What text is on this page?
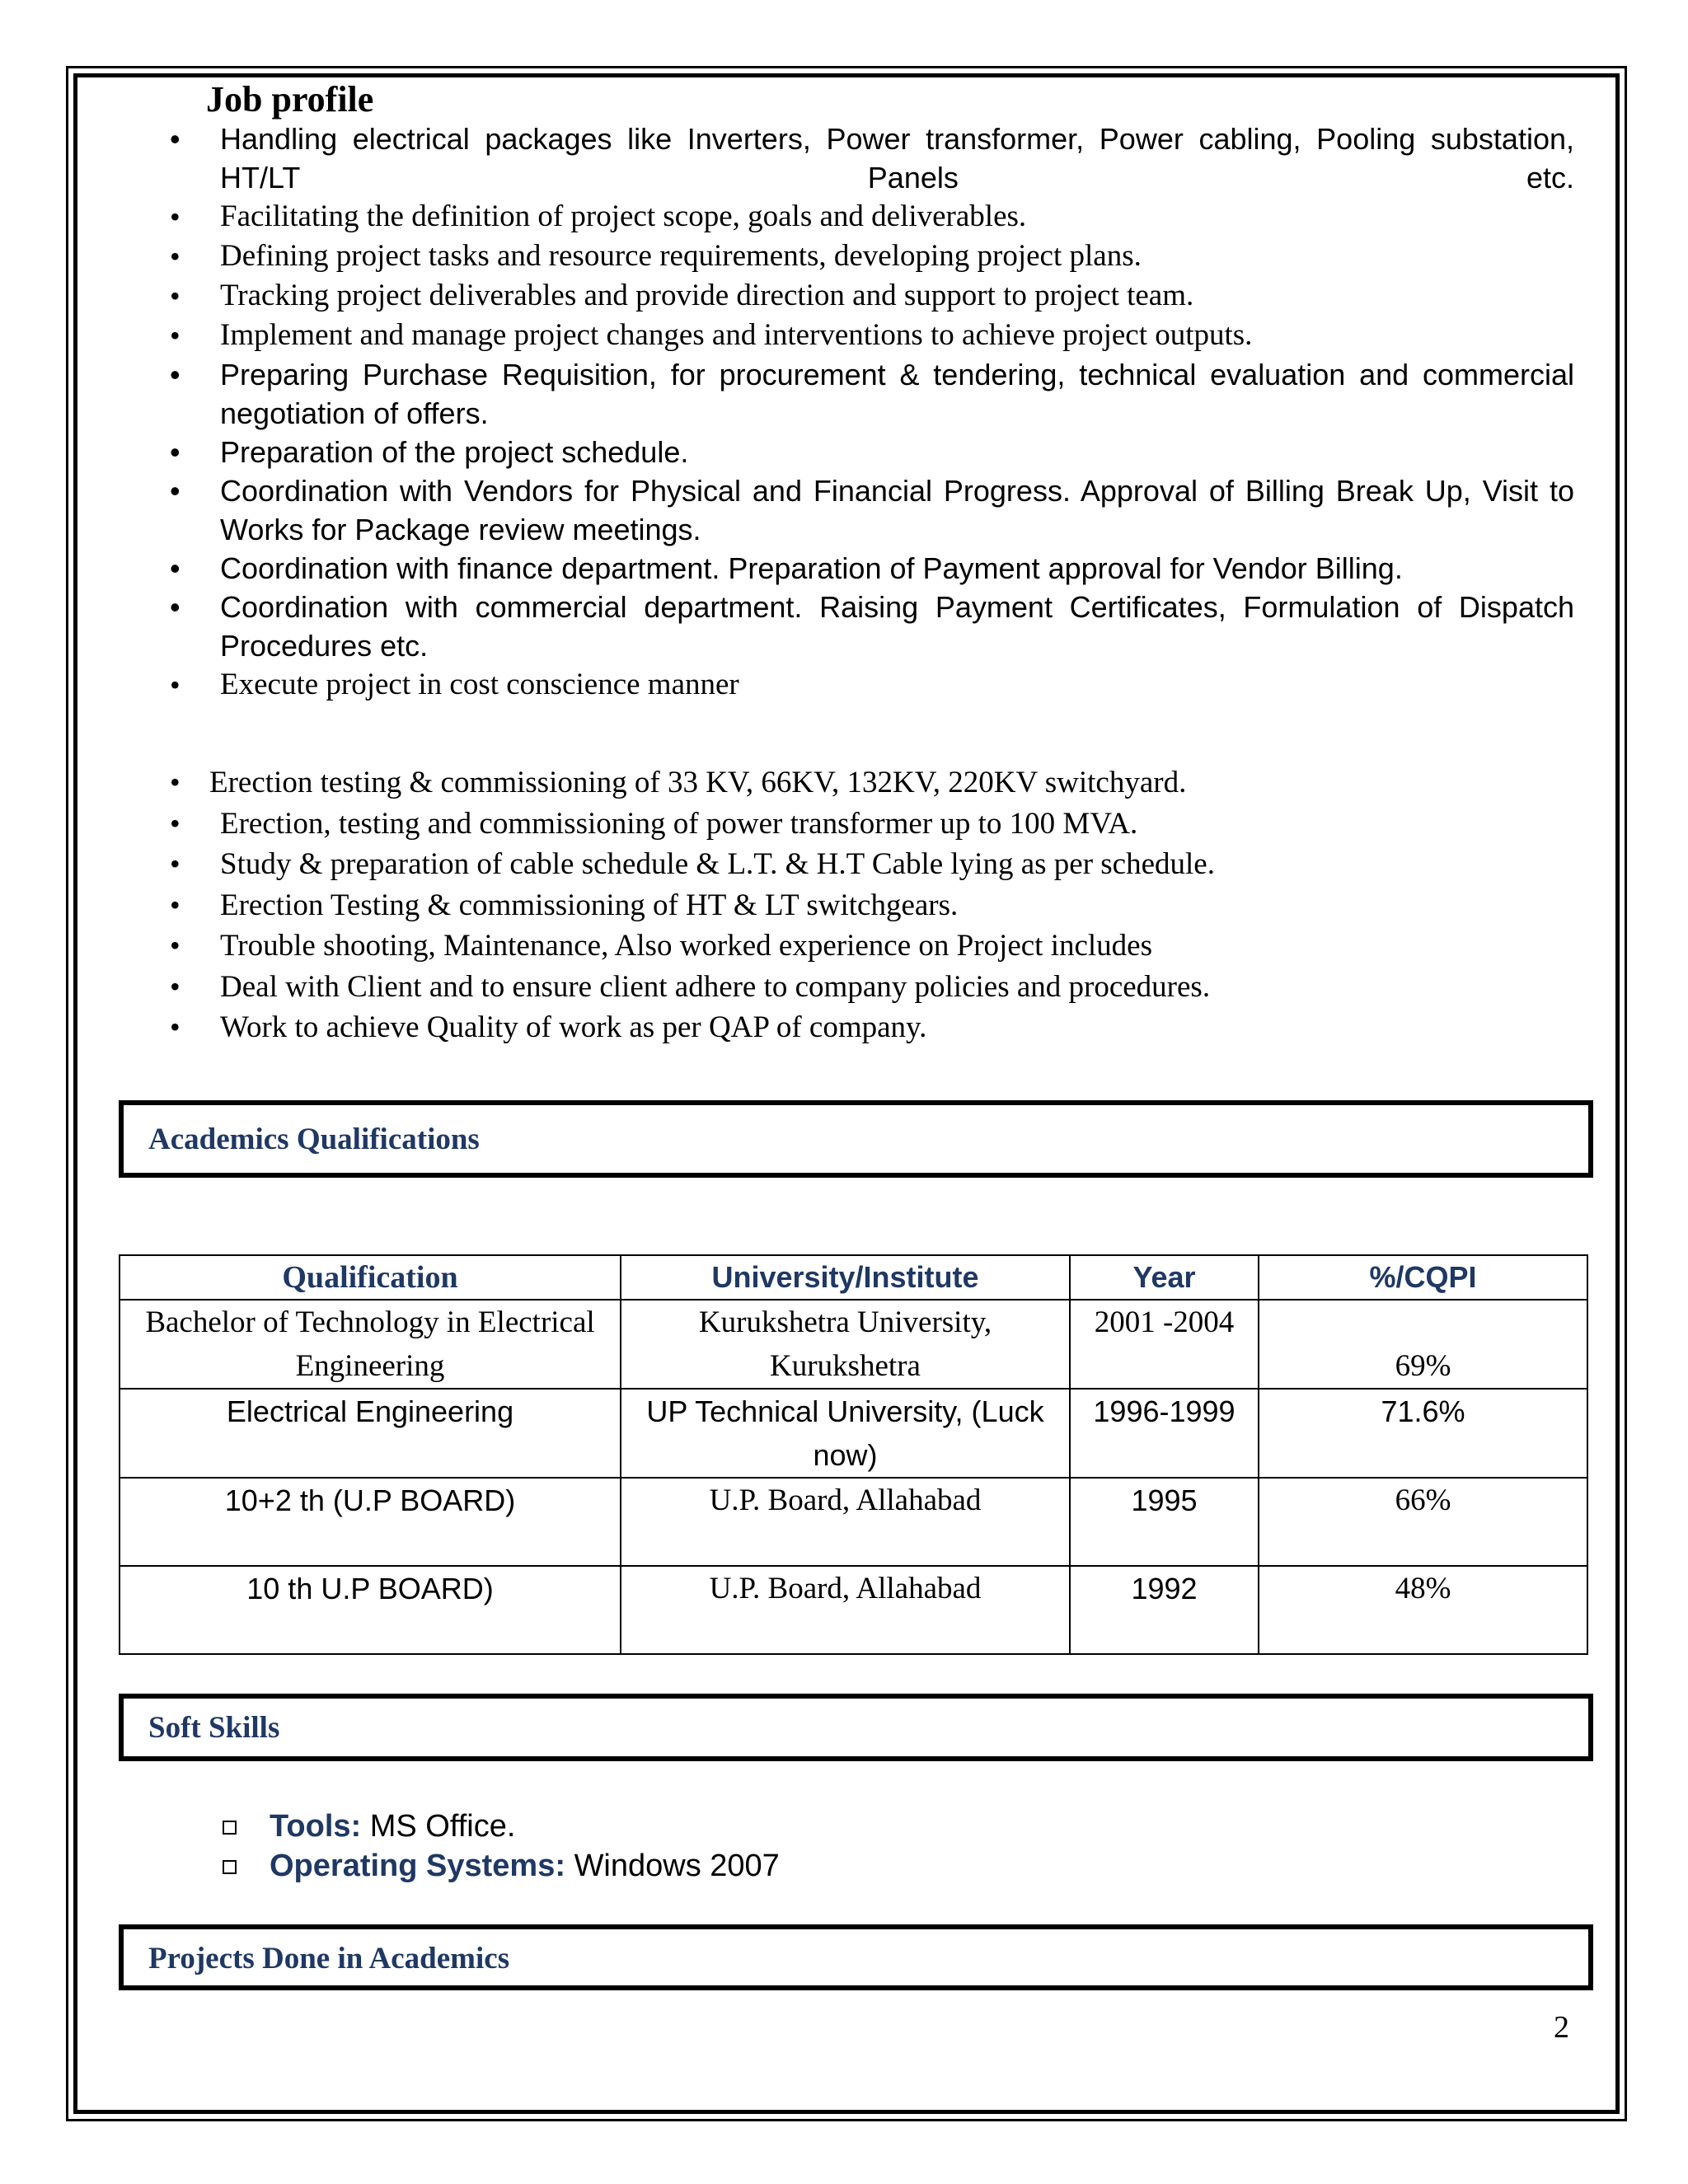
Job profile
• Handling electrical packages like Inverters, Power transformer, Power cabling, Pooling substation, HT/LT Panels etc.
• Facilitating the definition of project scope, goals and deliverables.
• Defining project tasks and resource requirements, developing project plans.
• Tracking project deliverables and provide direction and support to project team.
• Implement and manage project changes and interventions to achieve project outputs.
• Preparing Purchase Requisition, for procurement & tendering, technical evaluation and commercial negotiation of offers.
• Preparation of the project schedule.
• Coordination with Vendors for Physical and Financial Progress. Approval of Billing Break Up, Visit to Works for Package review meetings.
• Coordination with finance department. Preparation of Payment approval for Vendor Billing.
• Coordination with commercial department. Raising Payment Certificates, Formulation of Dispatch Procedures etc.
• Execute project in cost conscience manner
• Erection testing & commissioning of 33 KV, 66KV, 132KV, 220KV switchyard.
• Erection, testing and commissioning of power transformer up to 100 MVA.
• Study & preparation of cable schedule & L.T. & H.T Cable lying as per schedule.
• Erection Testing & commissioning of HT & LT switchgears.
• Trouble shooting, Maintenance, Also worked experience on Project includes
• Deal with Client and to ensure client adhere to company policies and procedures.
• Work to achieve Quality of work as per QAP of company.
Academics Qualifications
Qualification	University/Institute	Year	%/CQPI
Bachelor of Technology in Electrical Engineering	Kurukshetra University, Kurukshetra	2001 -2004	69%
Electrical Engineering	UP Technical University, (Luck now)	1996-1999	71.6%
10+2 th (U.P BOARD)	U.P. Board, Allahabad	1995	66%
10 th U.P BOARD)	U.P. Board, Allahabad	1992	48%
Soft Skills
Tools: MS Office.
Operating Systems: Windows 2007
Projects Done in Academics
2
